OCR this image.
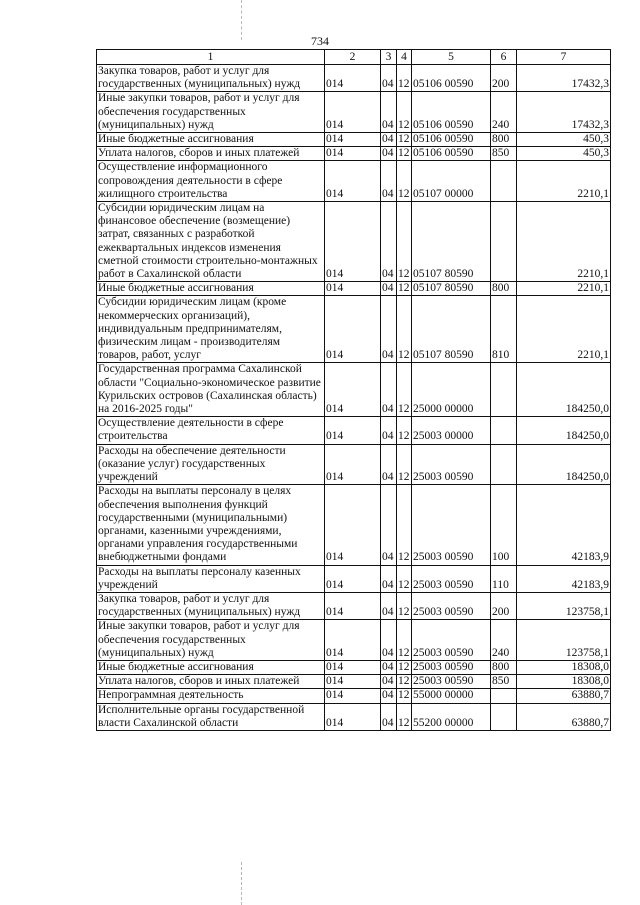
734
1	2	3	4	5	6	7
Закупка товаров, работ и услуг для государственных (муниципальных) нужд	014	04	12	05106 00590	200	17432,3
Иные закупки товаров, работ и услуг для обеспечения государственных (муниципальных) нужд	014	04	12	05106 00590	240	17432,3
Иные бюджетные ассигнования	014	04	12	05106 00590	800	450,3
Уплата налогов, сборов и иных платежей	014	04	12	05106 00590	850	450,3
Осуществление информационного сопровождения деятельности в сфере жилищного строительства	014	04	12	05107 00000		2210,1
Субсидии юридическим лицам на финансовое обеспечение (возмещение) затрат, связанных с разработкой ежеквартальных индексов изменения сметной стоимости строительно-монтажных работ в Сахалинской области	014	04	12	05107 80590		2210,1
Иные бюджетные ассигнования	014	04	12	05107 80590	800	2210,1
Субсидии юридическим лицам (кроме некоммерческих организаций), индивидуальным предпринимателям, физическим лицам - производителям товаров, работ, услуг	014	04	12	05107 80590	810	2210,1
Государственная программа Сахалинской области "Социально-экономическое развитие Курильских островов (Сахалинская область) на 2016-2025 годы"	014	04	12	25000 00000		184250,0
Осуществление деятельности в сфере строительства	014	04	12	25003 00000		184250,0
Расходы на обеспечение деятельности (оказание услуг) государственных учреждений	014	04	12	25003 00590		184250,0
Расходы на выплаты персоналу в целях обеспечения выполнения функций государственными (муниципальными) органами, казенными учреждениями, органами управления государственными внебюджетными фондами	014	04	12	25003 00590	100	42183,9
Расходы на выплаты персоналу казенных учреждений	014	04	12	25003 00590	110	42183,9
Закупка товаров, работ и услуг для государственных (муниципальных) нужд	014	04	12	25003 00590	200	123758,1
Иные закупки товаров, работ и услуг для обеспечения государственных (муниципальных) нужд	014	04	12	25003 00590	240	123758,1
Иные бюджетные ассигнования	014	04	12	25003 00590	800	18308,0
Уплата налогов, сборов и иных платежей	014	04	12	25003 00590	850	18308,0
Непрограммная деятельность	014	04	12	55000 00000		63880,7
Исполнительные органы государственной власти Сахалинской области	014	04	12	55200 00000		63880,7
